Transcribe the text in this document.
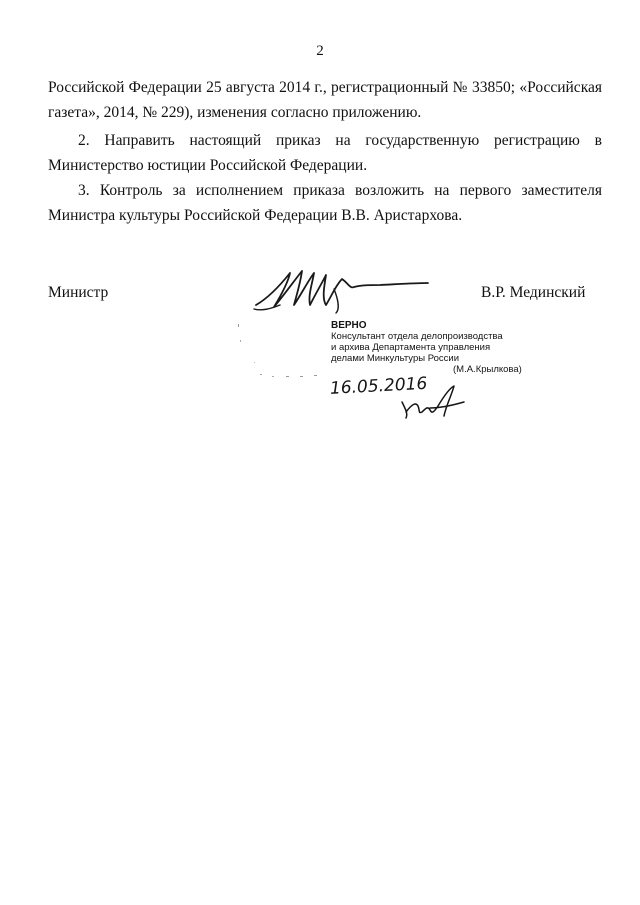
2
Российской Федерации 25 августа 2014 г., регистрационный № 33850; «Российская газета», 2014, № 229), изменения согласно приложению.
2. Направить настоящий приказ на государственную регистрацию в Министерство юстиции Российской Федерации.
3. Контроль за исполнением приказа возложить на первого заместителя Министра культуры Российской Федерации В.В. Аристархова.
Министр	В.Р. Мединский
ВЕРНО
Консультант отдела делопроизводства
и архива Департамента управления
делами Минкультуры России
(М.А.Крылкова)
16.05.2016
